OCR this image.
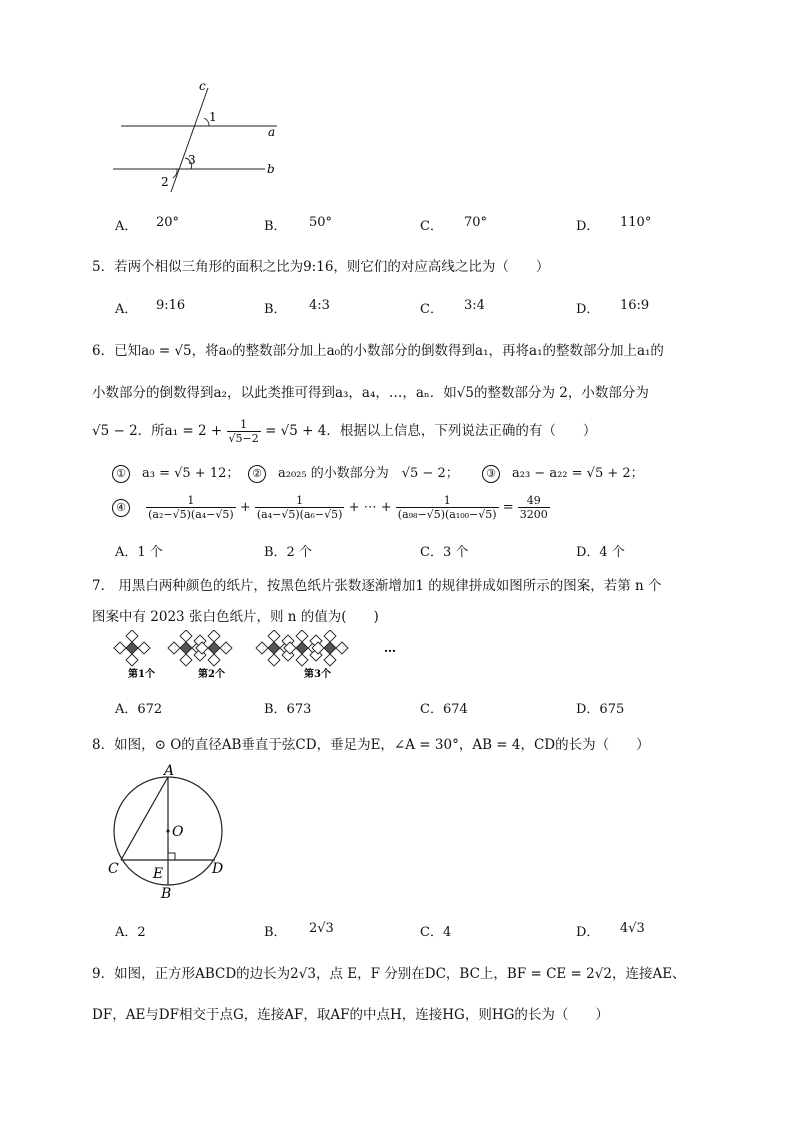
c
a
b
1
3
2
A． 20°	B． 50°	C． 70°	D． 110°
5．若两个相似三角形的面积之比为9:16，则它们的对应高线之比为（　　）
A． 9:16	B． 4:3	C． 3:4	D． 16:9
6．已知a₀ = √5，将a₀的整数部分加上a₀的小数部分的倒数得到a₁，再将a₁的整数部分加上a₁的
小数部分的倒数得到a₂，以此类推可得到a₃，a₄，…，aₙ．如√5的整数部分为 2，小数部分为
√5 − 2．所$a_1 = 2 + \frac{1}{√5-2} = √5 + 4$．根据以上信息，下列说法正确的有（　　）
① a₃ = √5 + 12；	② a₂₀₂₅ 的小数部分为　√5 − 2；	③ a₂₃ − a₂₂ = √5 + 2；
④ $\frac{1}{\text{(a₂−√5)(a₄−√5)}} + \frac{1}{\text{(a₄−√5)(a₆−√5)}}$ + ⋯ + $\frac{1}{\text{(a₉₈−√5)(a₁₀₀−√5)}} = \frac{49}{3200}$
A．1 个	B．2 个	C．3 个	D．4 个
7． 用黑白两种颜色的纸片，按黑色纸片张数逐渐增加1 的规律拼成如图所示的图案，若第 n 个
图案中有 2023 张白色纸片，则 n 的值为(　　)
第1个	第2个	第3个
…
A．672	B．673	C．674	D．675
8．如图，⊙ O的直径AB垂直于弦CD，垂足为E，∠A = 30°，AB = 4，CD的长为（　　）
A
O
C	D
E
B
A．2	B． 2√3	C．4	D． 4√3
9．如图，正方形ABCD的边长为2√3，点 E，F 分别在DC，BC上，BF = CE = 2√2，连接AE、
DF，AE与DF相交于点G，连接AF，取AF的中点H，连接HG，则HG的长为（　　）
